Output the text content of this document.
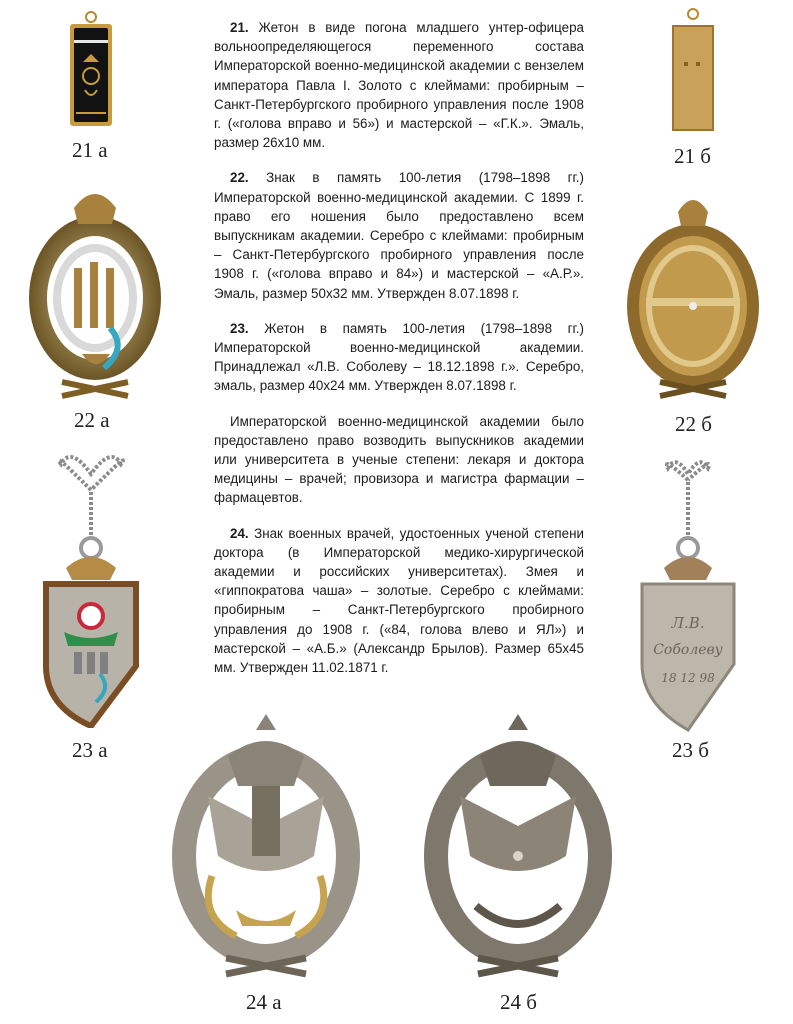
21. Жетон в виде погона младшего унтер-офицера вольноопределяющегося переменного состава Императорской военно-медицинской академии с вензелем императора Павла I. Золото с клеймами: пробирным – Санкт-Петербургского пробирного управления после 1908 г. («голова вправо и 56») и мастерской – «Г.К.». Эмаль, размер 26х10 мм.

22. Знак в память 100-летия (1798–1898 гг.) Императорской военно-медицинской академии. С 1899 г. право его ношения было предоставлено всем выпускникам академии. Серебро с клеймами: пробирным – Санкт-Петербургского пробирного управления после 1908 г. («голова вправо и 84») и мастерской – «А.Р.». Эмаль, размер 50х32 мм. Утвержден 8.07.1898 г.

23. Жетон в память 100-летия (1798–1898 гг.) Императорской военно-медицинской академии. Принадлежал «Л.В. Соболеву – 18.12.1898 г.». Серебро, эмаль, размер 40х24 мм. Утвержден 8.07.1898 г.

Императорской военно-медицинской академии было предоставлено право возводить выпускников академии или университета в ученые степени: лекаря и доктора медицины – врачей; провизора и магистра фармации – фармацевтов.

24. Знак военных врачей, удостоенных ученой степени доктора (в Императорской медико-хирургической академии и российских университетах). Змея и «гиппократова чаша» – золотые. Серебро с клеймами: пробирным – Санкт-Петербургского пробирного управления до 1908 г. («84, голова влево и ЯЛ») и мастерской – «А.Б.» (Александр Брылов). Размер 65х45 мм. Утвержден 11.02.1871 г.

21 а	21 б
22 а	22 б
23 а
Л.В.
Соболеву
18 12 98
23 б
24 а	24 б
